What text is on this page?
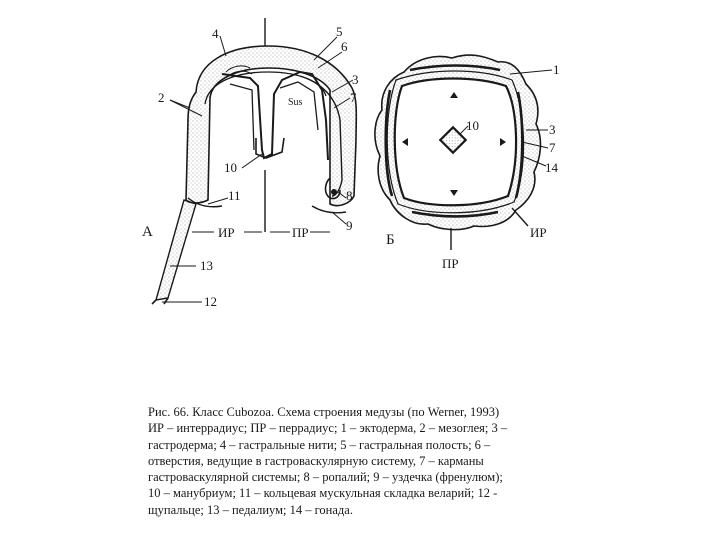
4	5
6
3
7
2	Sus
10
11	8
9
А	ИР	ПР
13
12
1
3
7
14
10
Б	ИР
ПР

Рис. 66. Класс Cubozoa. Схема строения медузы (по Werner, 1993)

ИР – интеррадиус; ПР – перрадиус; 1 – эктодерма, 2 – мезоглея; 3 –

гастродерма; 4 – гастральные нити; 5 – гастральная полость; 6 –

отверстия, ведущие в гастроваскулярную систему, 7 – карманы

гастроваскулярной системы; 8 – ропалий; 9 – уздечка (френулюм);

10 – манубриум; 11 – кольцевая мускульная складка веларий; 12 -

щупальце; 13 – педалиум; 14 – гонада.
